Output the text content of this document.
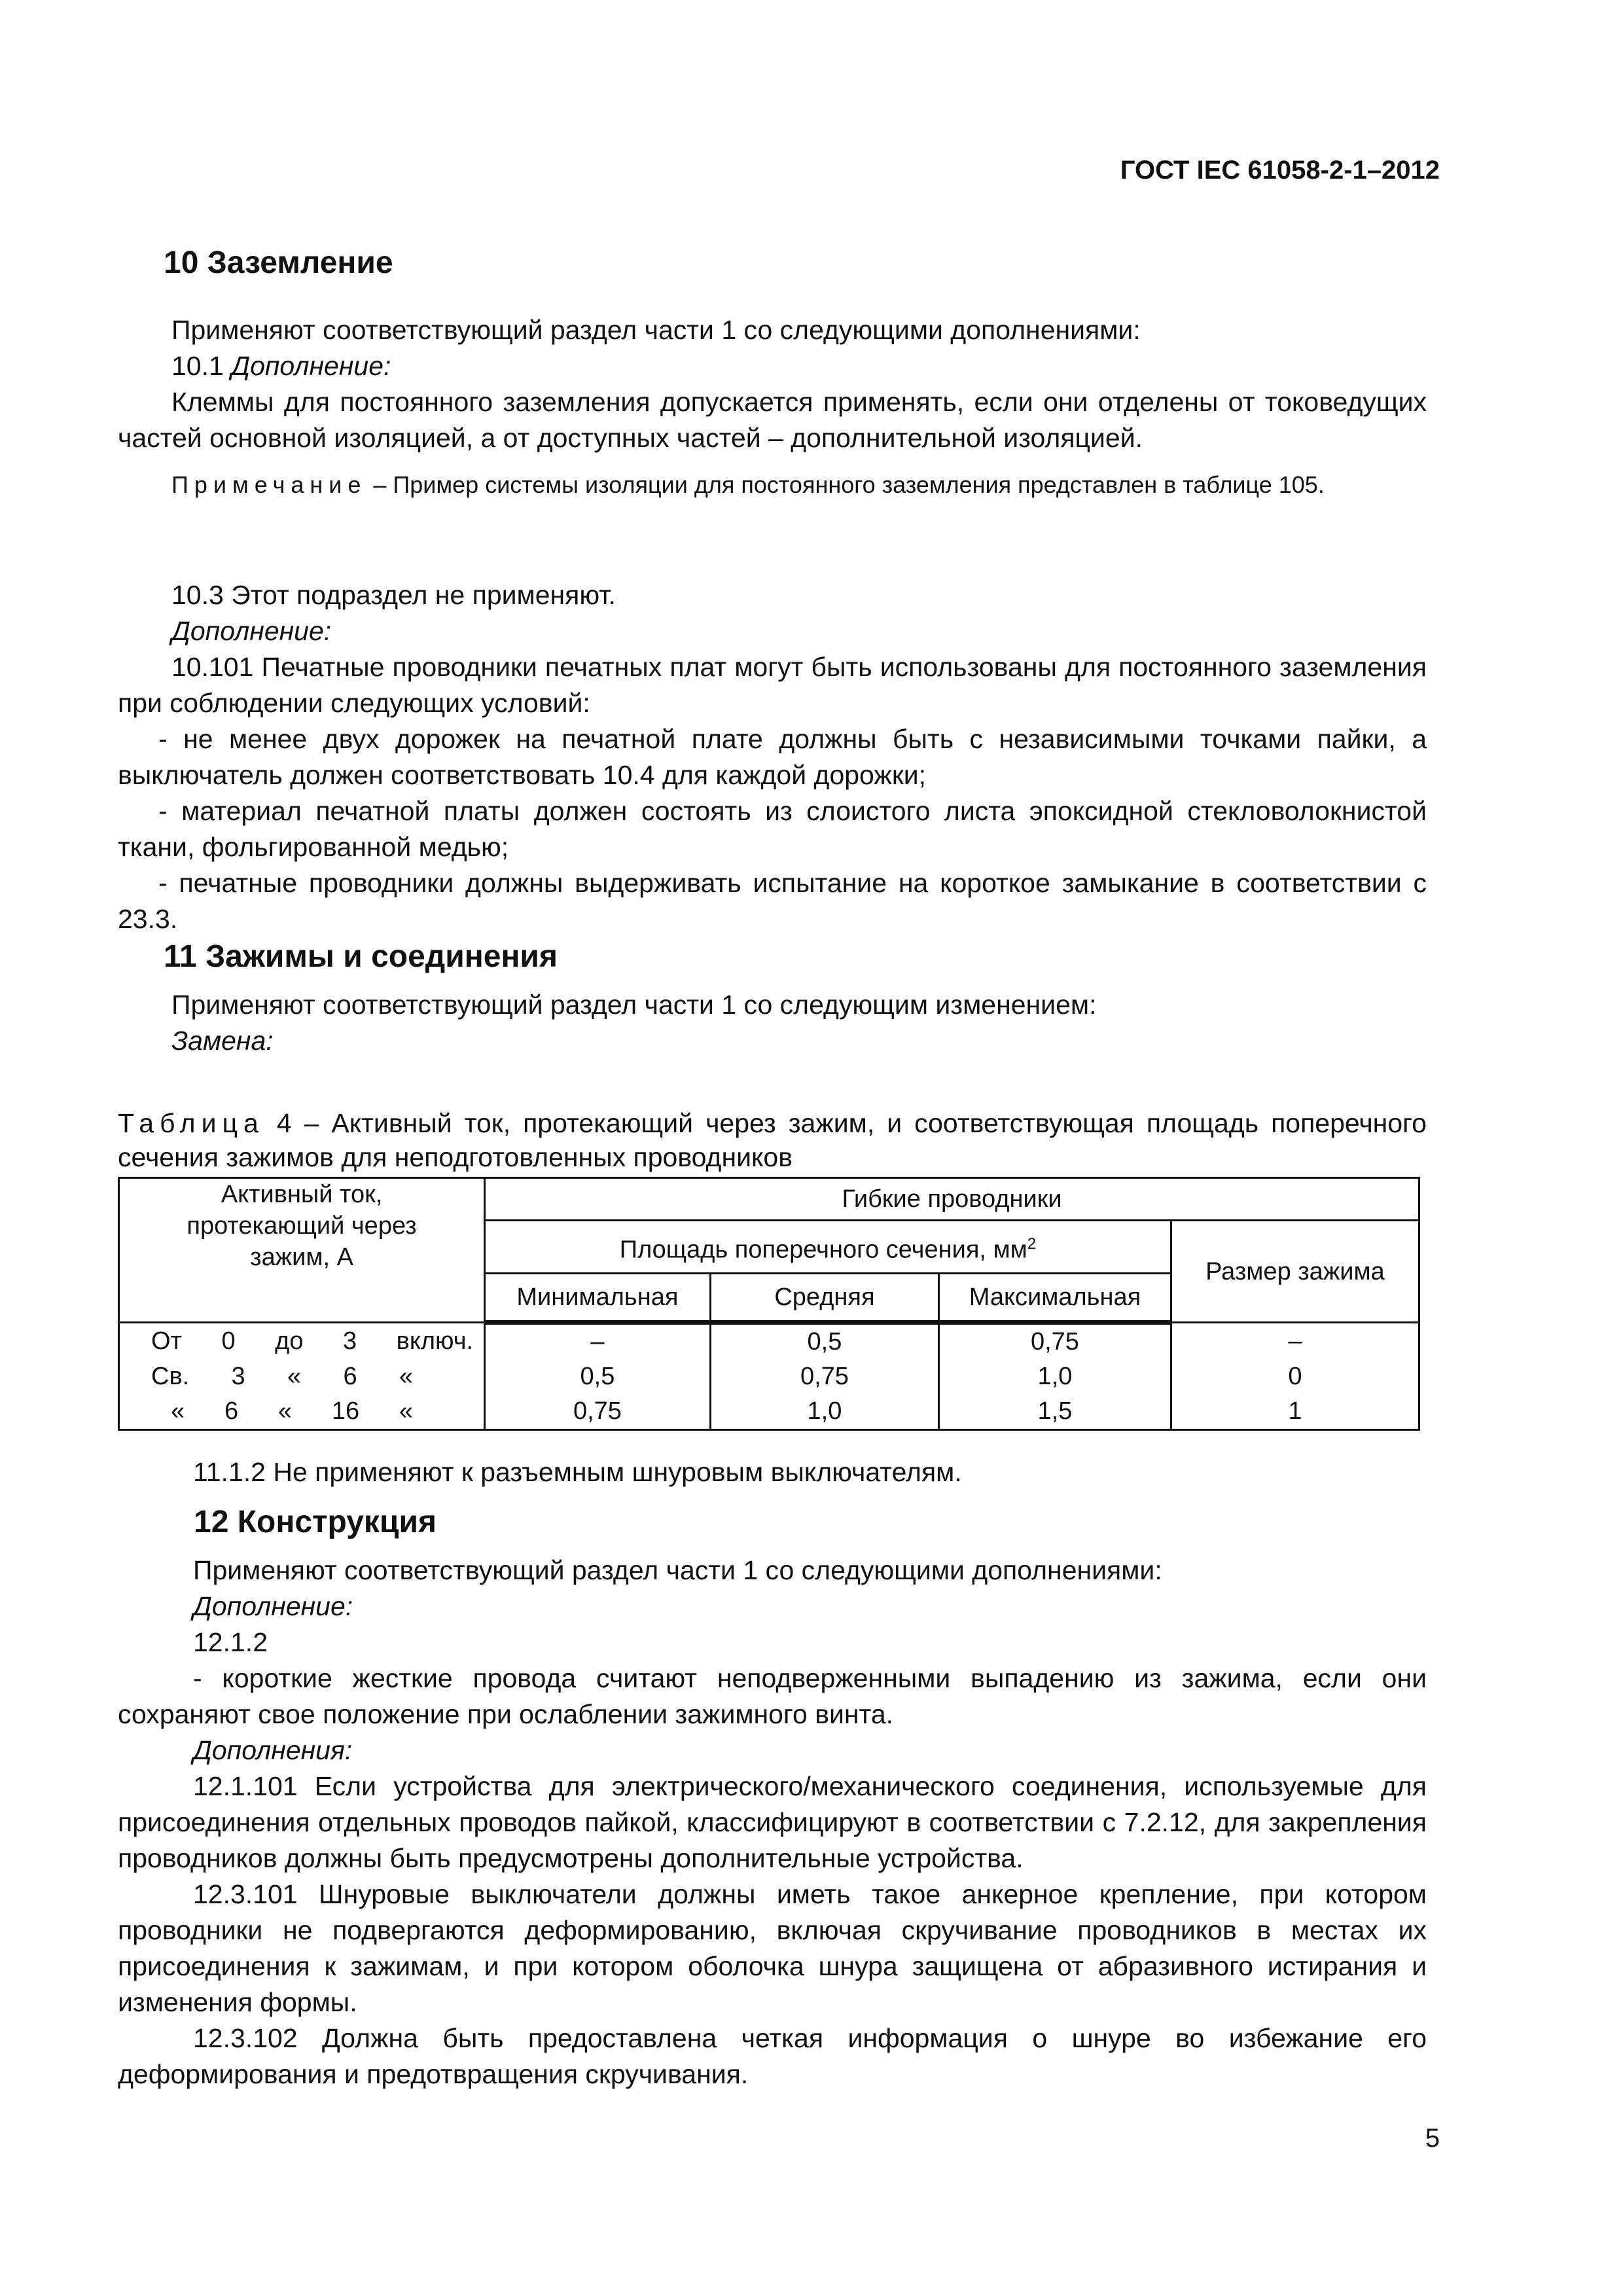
ГОСТ IEC 61058-2-1–2012
10 Заземление
Применяют соответствующий раздел части 1 со следующими дополнениями:
10.1 Дополнение:
Клеммы для постоянного заземления допускается применять, если они отделены от токоведущих частей основной изоляцией, а от доступных частей – дополнительной изоляцией.
Примечание – Пример системы изоляции для постоянного заземления представлен в таблице 105.
10.3 Этот подраздел не применяют.
Дополнение:
10.101 Печатные проводники печатных плат могут быть использованы для постоянного заземления при соблюдении следующих условий:
- не менее двух дорожек на печатной плате должны быть с независимыми точками пайки, а выключатель должен соответствовать 10.4 для каждой дорожки;
- материал печатной платы должен состоять из слоистого листа эпоксидной стекловолокнистой ткани, фольгированной медью;
- печатные проводники должны выдерживать испытание на короткое замыкание в соответствии с 23.3.
11 Зажимы и соединения
Применяют соответствующий раздел части 1 со следующим изменением:
Замена:
Таблица 4 – Активный ток, протекающий через зажим, и соответствующая площадь поперечного сечения зажимов для неподготовленных проводников
Активный ток, протекающий через зажим, А	Гибкие проводники			
	Площадь поперечного сечения, $мм^2$			Размер зажима
	Минимальная	Средняя	Максимальная	

От 0 до 3 включ.	–	0,5	0,75	–

Св. 3 « 6 «	0,5	0,75	1,0	0

« 6 « 16 «	0,75	1,0	1,5	1
11.1.2 Не применяют к разъемным шнуровым выключателям.
12 Конструкция
Применяют соответствующий раздел части 1 со следующими дополнениями:
Дополнение:
12.1.2
- короткие жесткие провода считают неподверженными выпадению из зажима, если они сохраняют свое положение при ослаблении зажимного винта.
Дополнения:
12.1.101 Если устройства для электрического/механического соединения, используемые для присоединения отдельных проводов пайкой, классифицируют в соответствии с 7.2.12, для закрепления проводников должны быть предусмотрены дополнительные устройства.
12.3.101 Шнуровые выключатели должны иметь такое анкерное крепление, при котором проводники не подвергаются деформированию, включая скручивание проводников в местах их присоединения к зажимам, и при котором оболочка шнура защищена от абразивного истирания и изменения формы.
12.3.102 Должна быть предоставлена четкая информация о шнуре во избежание его деформирования и предотвращения скручивания.
5
